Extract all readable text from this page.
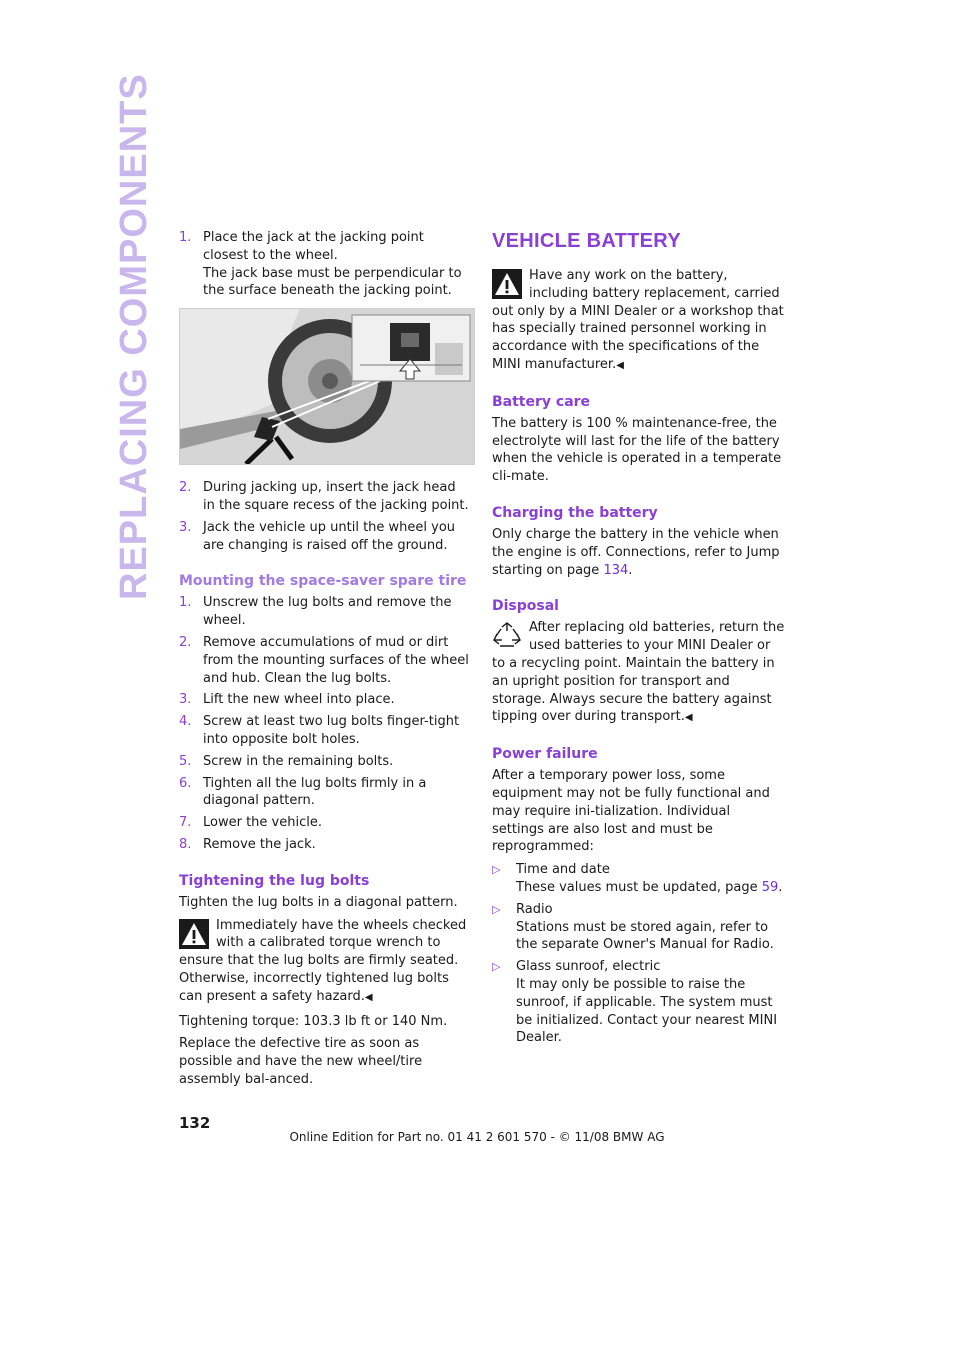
REPLACING COMPONENTS 1. Place the jack at the jacking point closest to the wheel.
The jack base must be perpendicular to the surface beneath the jacking point.
2. During jacking up, insert the jack head in the square recess of the jacking point.
3. Jack the vehicle up until the wheel you are changing is raised off the ground.
Mounting the space-saver spare tire
1. Unscrew the lug bolts and remove the wheel.
2. Remove accumulations of mud or dirt from the mounting surfaces of the wheel and hub. Clean the lug bolts.
3. Lift the new wheel into place.
4. Screw at least two lug bolts finger-tight into opposite bolt holes.
5. Screw in the remaining bolts.
6. Tighten all the lug bolts firmly in a diagonal pattern.
7. Lower the vehicle.
8. Remove the jack.
Tightening the lug bolts

Tighten the lug bolts in a diagonal pattern.

Immediately have the wheels checked with a calibrated torque wrench to ensure that the lug bolts are firmly seated. Otherwise, incorrectly tightened lug bolts can present a safety hazard.◀

Tightening torque: 103.3 lb ft or 140 Nm.

Replace the defective tire as soon as possible and have the new wheel/tire assembly bal-anced.

VEHICLE BATTERY
Have any work on the battery, including battery replacement, carried out only by a MINI Dealer or a workshop that has specially trained personnel working in accordance with the specifications of the MINI manufacturer.◀
Battery care

The battery is 100 % maintenance-free, the electrolyte will last for the life of the battery when the vehicle is operated in a temperate cli-mate.

Charging the battery

Only charge the battery in the vehicle when the engine is off. Connections, refer to Jump starting on page 134.

Disposal
After replacing old batteries, return the used batteries to your MINI Dealer or to a recycling point. Maintain the battery in an upright position for transport and storage. Always secure the battery against tipping over during transport.◀
Power failure

After a temporary power loss, some equipment may not be fully functional and may require ini-tialization. Individual settings are also lost and must be reprogrammed:

▷ Time and date
These values must be updated, page 59.
▷ Radio
Stations must be stored again, refer to the separate Owner's Manual for Radio.
▷ Glass sunroof, electric
It may only be possible to raise the sunroof, if applicable. The system must be initialized. Contact your nearest MINI Dealer.
132
Online Edition for Part no. 01 41 2 601 570 - © 11/08 BMW AG
